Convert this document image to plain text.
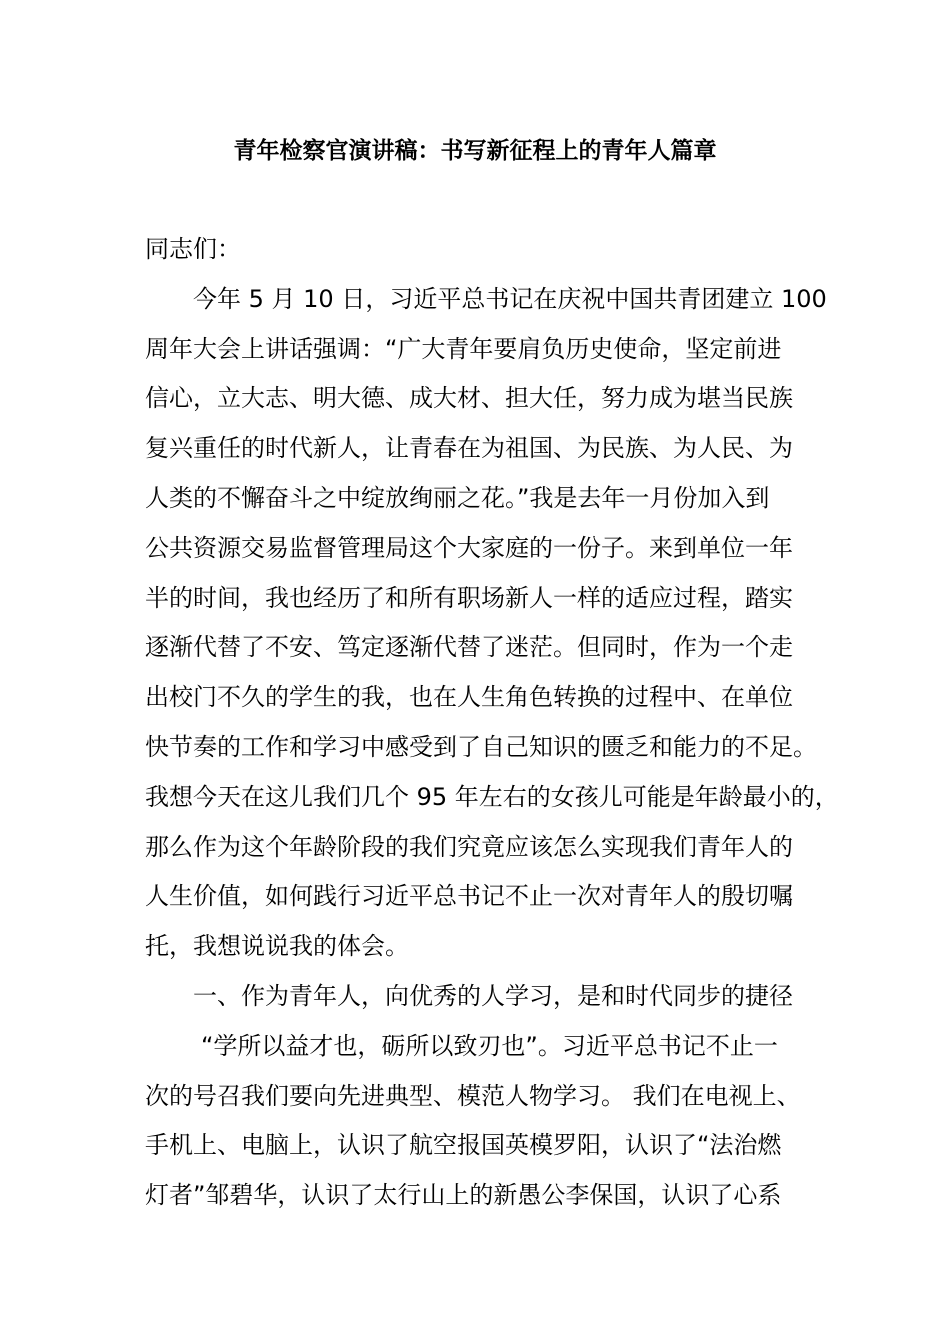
青年检察官演讲稿：书写新征程上的青年人篇章
同志们：
今年 5 月 10 日，习近平总书记在庆祝中国共青团建立 100
周年大会上讲话强调：“广大青年要肩负历史使命，坚定前进
信心，立大志、明大德、成大材、担大任，努力成为堪当民族
复兴重任的时代新人，让青春在为祖国、为民族、为人民、为
人类的不懈奋斗之中绽放绚丽之花。”我是去年一月份加入到
公共资源交易监督管理局这个大家庭的一份子。来到单位一年
半的时间，我也经历了和所有职场新人一样的适应过程，踏实
逐渐代替了不安、笃定逐渐代替了迷茫。但同时，作为一个走
出校门不久的学生的我，也在人生角色转换的过程中、在单位
快节奏的工作和学习中感受到了自己知识的匮乏和能力的不足。
我想今天在这儿我们几个 95 年左右的女孩儿可能是年龄最小的，
那么作为这个年龄阶段的我们究竟应该怎么实现我们青年人的
人生价值，如何践行习近平总书记不止一次对青年人的殷切嘱
托，我想说说我的体会。
一、作为青年人，向优秀的人学习，是和时代同步的捷径
“学所以益才也，砺所以致刃也”。习近平总书记不止一
次的号召我们要向先进典型、模范人物学习。 我们在电视上、
手机上、电脑上，认识了航空报国英模罗阳，认识了“法治燃
灯者”邹碧华，认识了太行山上的新愚公李保国，认识了心系
